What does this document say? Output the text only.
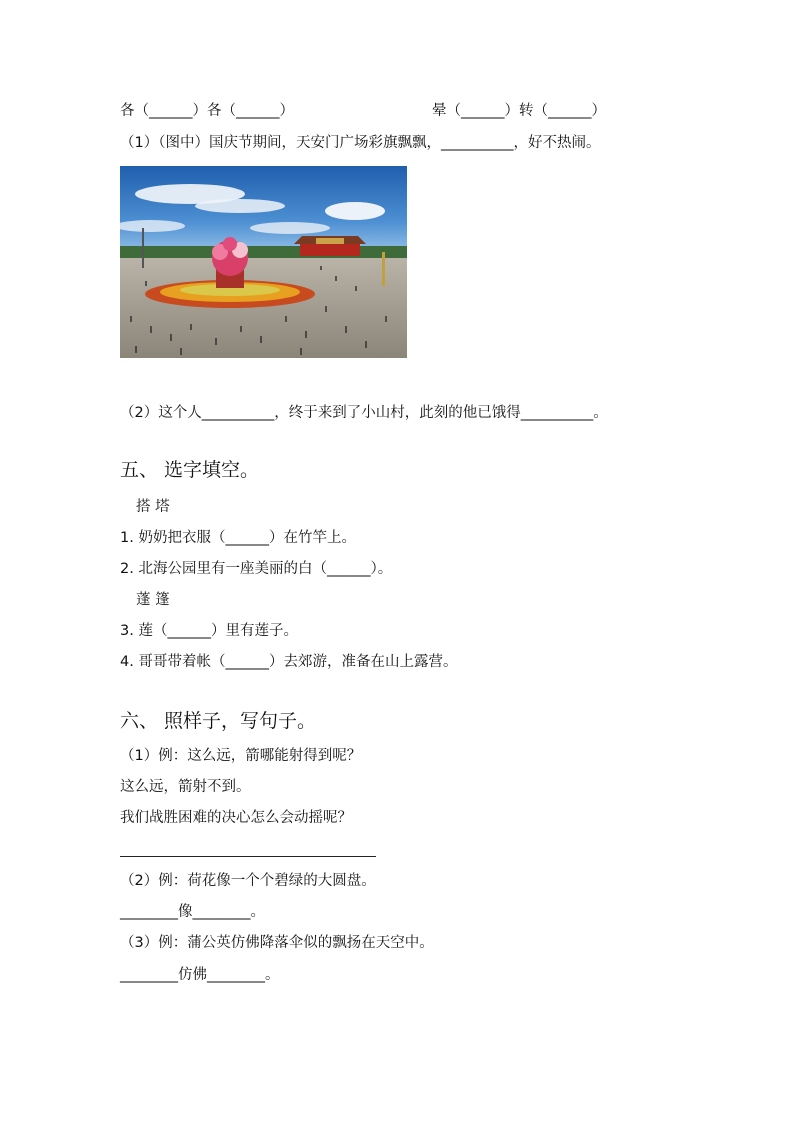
各（______）各（______）	晕（______）转（______）
（1）（图中）国庆节期间，天安门广场彩旗飘飘，__________，好不热闹。
（2）这个人__________，终于来到了小山村，此刻的他已饿得__________。
五、 选字填空。
搭 塔
1. 奶奶把衣服（______）在竹竿上。
2. 北海公园里有一座美丽的白（______）。
蓬 篷
3. 莲（______）里有莲子。
4. 哥哥带着帐（______）去郊游，准备在山上露营。
六、 照样子，写句子。
（1）例：这么远，箭哪能射得到呢？
这么远，箭射不到。
我们战胜困难的决心怎么会动摇呢？
（2）例：荷花像一个个碧绿的大圆盘。
________像________。
（3）例：蒲公英仿佛降落伞似的飘扬在天空中。
________仿佛________。
